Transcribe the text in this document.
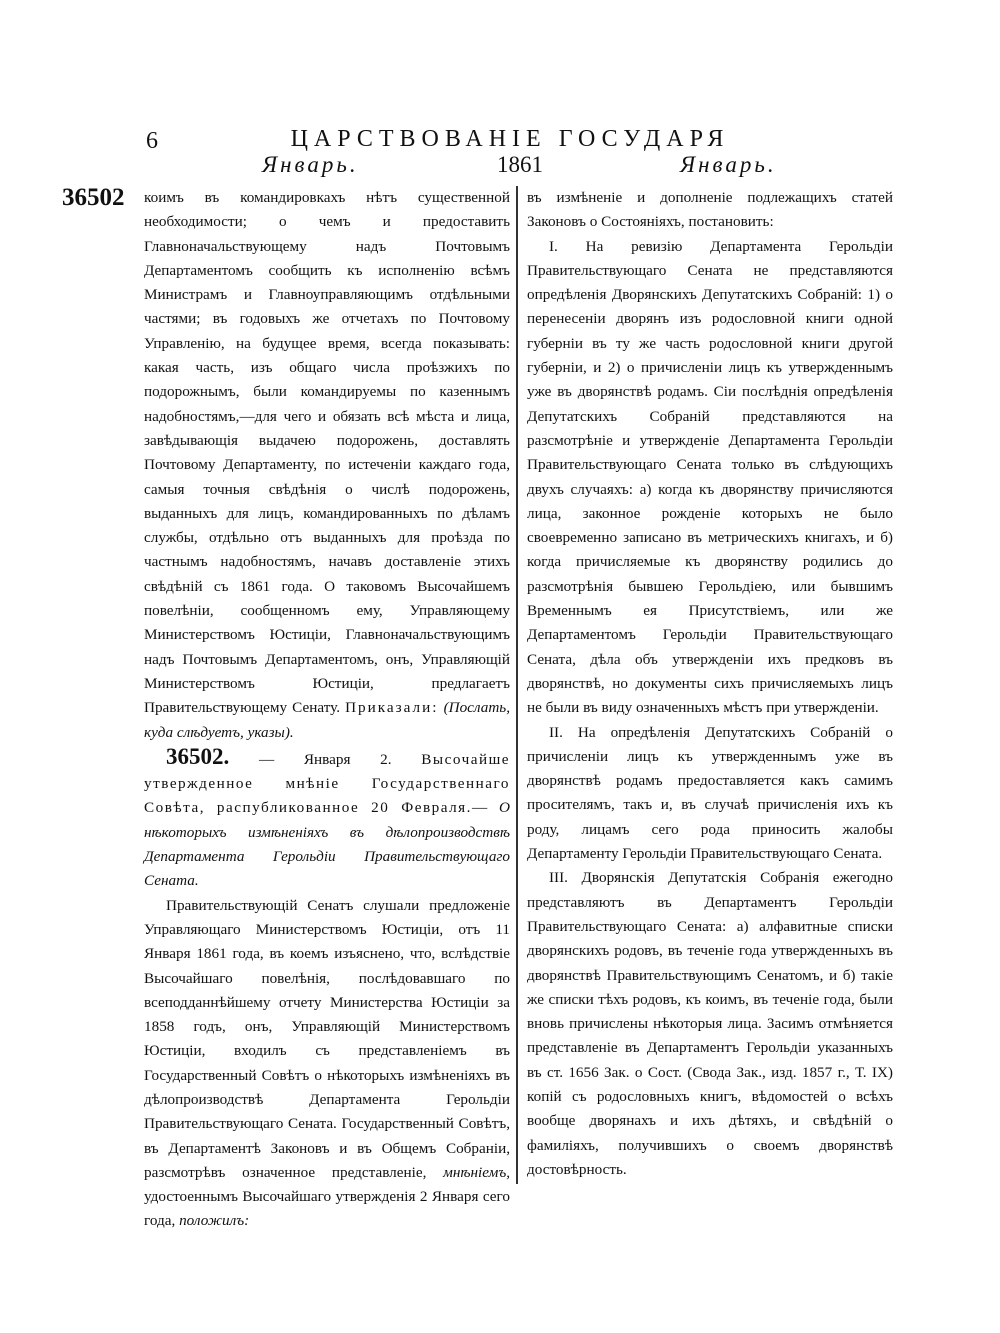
6	ЦАРСТВОВАНІЕ ГОСУДАРЯ
Январь.	1861	Январь.
36502 коимъ въ командировкахъ нѣтъ существенной необходимости; о чемъ и предоставить Главноначальствующему надъ Почтовымъ Департаментомъ сообщить къ исполненію всѣмъ Министрамъ и Главноуправляющимъ отдѣльными частями; въ годовыхъ же отчетахъ по Почтовому Управленію, на будущее время, всегда показывать: какая часть, изъ общаго числа проѣзжихъ по подорожнымъ, были командируемы по казеннымъ надобностямъ,—для чего и обязать всѣ мѣста и лица, завѣдывающія выдачею подорожень, доставлять Почтовому Департаменту, по истеченіи каждаго года, самыя точныя свѣдѣнія о числѣ подорожень, выданныхъ для лицъ, командированныхъ по дѣламъ службы, отдѣльно отъ выданныхъ для проѣзда по частнымъ надобностямъ, начавъ доставленіе этихъ свѣдѣній съ 1861 года. О таковомъ Высочайшемъ повелѣніи, сообщенномъ ему, Управляющему Министерствомъ Юстиціи, Главноначальствующимъ надъ Почтовымъ Департаментомъ, онъ, Управляющій Министерствомъ Юстиціи, предлагаетъ Правительствующему Сенату. Приказали: (Послать, куда слѣдуетъ, указы).

36502. — Января 2. Высочайше утвержденное мнѣніе Государственнаго Совѣта, распубликованное 20 Февраля.— О нѣкоторыхъ измѣненіяхъ въ дѣлопроизводствѣ Департамента Герольдіи Правительствующаго Сената.

Правительствующій Сенатъ слушали предложеніе Управляющаго Министерствомъ Юстиціи, отъ 11 Января 1861 года, въ коемъ изъяснено, что, вслѣдствіе Высочайшаго повелѣнія, послѣдовавшаго по всеподданнѣйшему отчету Министерства Юстиціи за 1858 годъ, онъ, Управляющій Министерствомъ Юстиціи, входилъ съ представленіемъ въ Государственный Совѣтъ о нѣкоторыхъ измѣненіяхъ въ дѣлопроизводствѣ Департамента Герольдіи Правительствующаго Сената. Государственный Совѣтъ, въ Департаментѣ Законовъ и въ Общемъ Собраніи, разсмотрѣвъ означенное представленіе, мнѣніемъ, удостоеннымъ Высочайшаго утвержденія 2 Января сего года, положилъ:

въ измѣненіе и дополненіе подлежащихъ статей Законовъ о Состояніяхъ, постановить:

I. На ревизію Департамента Герольдіи Правительствующаго Сената не представляются опредѣленія Дворянскихъ Депутатскихъ Собраній: 1) о перенесеніи дворянъ изъ родословной книги одной губерніи въ ту же часть родословной книги другой губерніи, и 2) о причисленіи лицъ къ утвержденнымъ уже въ дворянствѣ родамъ. Сіи послѣднія опредѣленія Депутатскихъ Собраній представляются на разсмотрѣніе и утвержденіе Департамента Герольдіи Правительствующаго Сената только въ слѣдующихъ двухъ случаяхъ: а) когда къ дворянству причисляются лица, законное рожденіе которыхъ не было своевременно записано въ метрическихъ книгахъ, и б) когда причисляемые къ дворянству родились до разсмотрѣнія бывшею Герольдіею, или бывшимъ Временнымъ ея Присутствіемъ, или же Департаментомъ Герольдіи Правительствующаго Сената, дѣла объ утвержденіи ихъ предковъ въ дворянствѣ, но документы сихъ причисляемыхъ лицъ не были въ виду означенныхъ мѣстъ при утвержденіи.

II. На опредѣленія Депутатскихъ Собраній о причисленіи лицъ къ утвержденнымъ уже въ дворянствѣ родамъ предоставляется какъ самимъ просителямъ, такъ и, въ случаѣ причисленія ихъ къ роду, лицамъ сего рода приносить жалобы Департаменту Герольдіи Правительствующаго Сената.

III. Дворянскія Депутатскія Собранія ежегодно представляютъ въ Департаментъ Герольдіи Правительствующаго Сената: а) алфавитные списки дворянскихъ родовъ, въ теченіе года утвержденныхъ въ дворянствѣ Правительствующимъ Сенатомъ, и б) такіе же списки тѣхъ родовъ, къ коимъ, въ теченіе года, были вновь причислены нѣкоторыя лица. Засимъ отмѣняется представленіе въ Департаментъ Герольдіи указанныхъ въ ст. 1656 Зак. о Сост. (Свода Зак., изд. 1857 г., Т. IX) копій съ родословныхъ книгъ, вѣдомостей о всѣхъ вообще дворянахъ и ихъ дѣтяхъ, и свѣдѣній о фамиліяхъ, получившихъ о своемъ дворянствѣ достовѣрность.
